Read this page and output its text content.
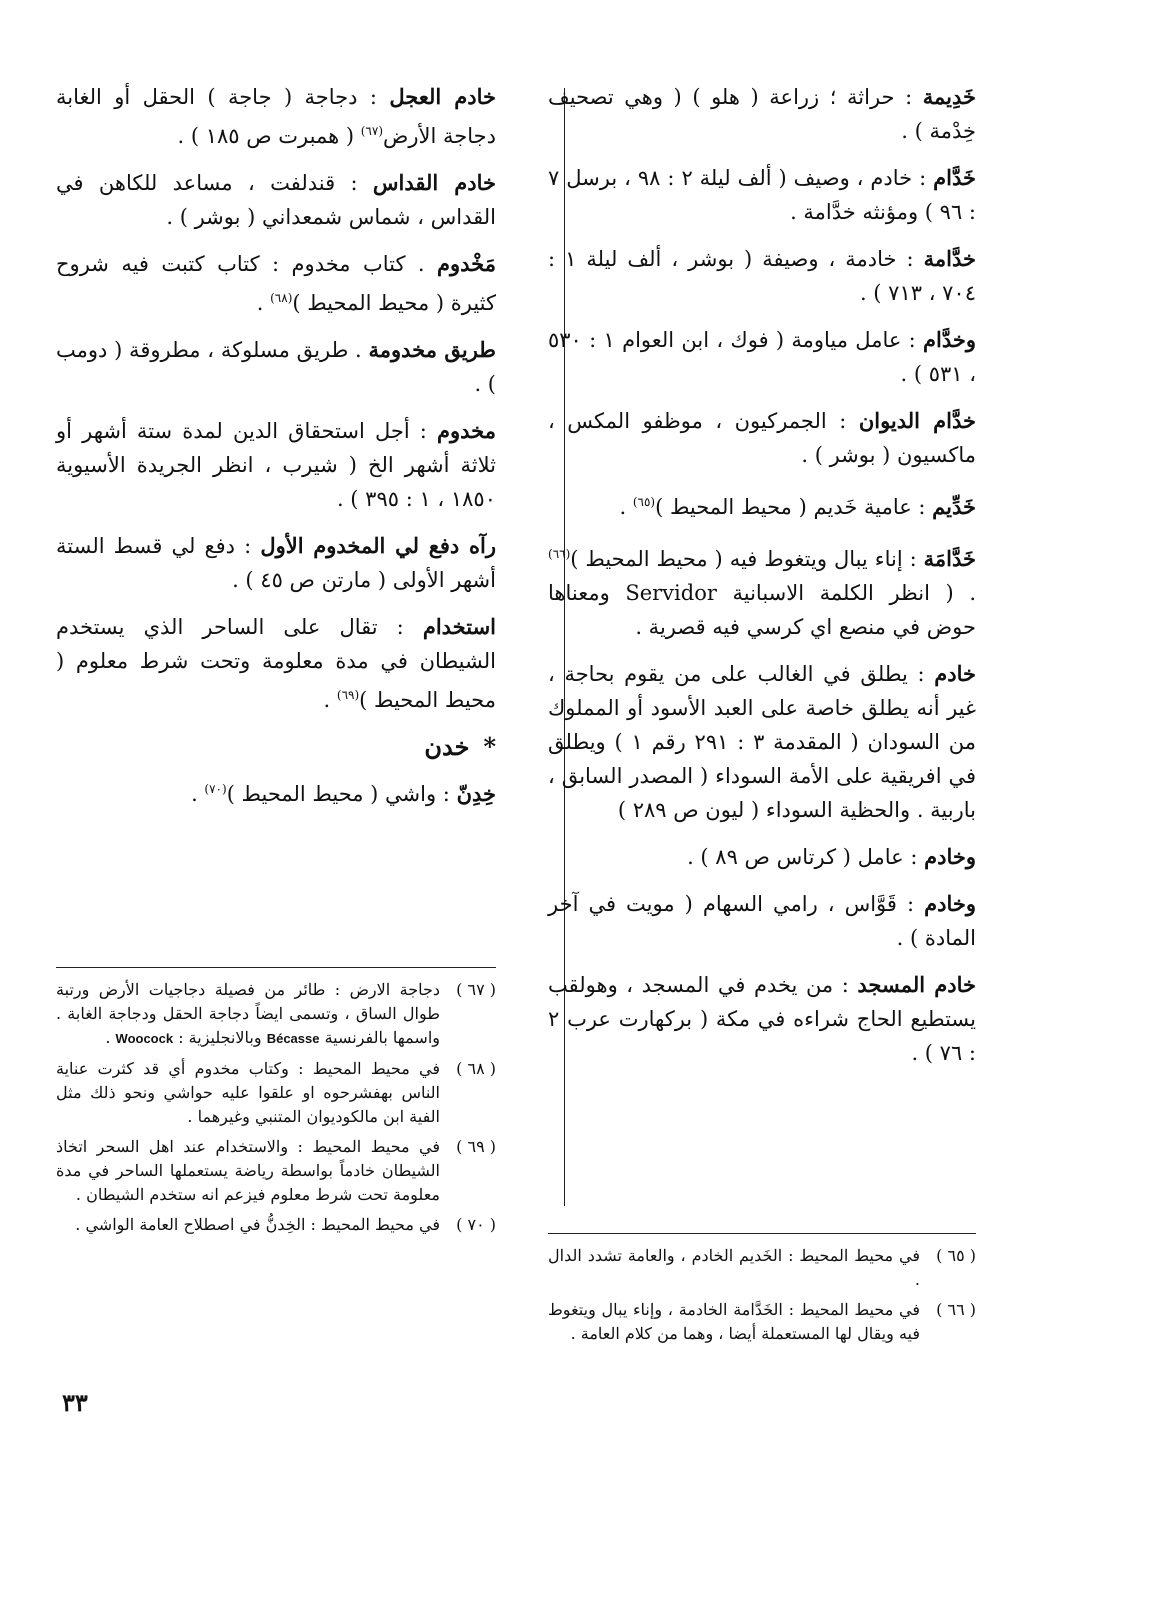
خَدِيمة : حراثة ؛ زراعة ( هلو ) ( وهي تصحيف خِدْمة ) .

خَدَّام : خادم ، وصيف ( ألف ليلة ٢ : ٩٨ ، برسل ٧ : ٩٦ ) ومؤنثه خدَّامة .

خدَّامة : خادمة ، وصيفة ( بوشر ، ألف ليلة ١ : ٧٠٤ ، ٧١٣ ) .

وخدَّام : عامل مياومة ( فوك ، ابن العوام ١ : ٥٣٠ ، ٥٣١ ) .

خدَّام الديوان : الجمركيون ، موظفو المكس ، ماكسيون ( بوشر ) .

خَدِّيم : عامية خَديم ( محيط المحيط )$^{(٦٥)}$ .

خَدَّامَة : إناء يبال ويتغوط فيه ( محيط المحيط )$^{(٦٦)}$ . ( انظر الكلمة الاسبانية Servidor ومعناها حوض في منصع اي كرسي فيه قصرية .

خادم : يطلق في الغالب على من يقوم بحاجة ، غير أنه يطلق خاصة على العبد الأسود أو المملوك من السودان ( المقدمة ٣ : ٢٩١ رقم ١ ) ويطلق في افريقية على الأمة السوداء ( المصدر السابق ، باربية . والحظية السوداء ( ليون ص ٢٨٩ )

وخادم : عامل ( كرتاس ص ٨٩ ) .

وخادم : قَوَّاس ، رامي السهام ( مويت في آخر المادة ) .

خادم المسجد : من يخدم في المسجد ، وهولقب يستطيع الحاج شراءه في مكة ( بركهارت عرب ٢ : ٧٦ ) .

خادم العجل : دجاجة ( جاجة ) الحقل أو الغابة دجاجة الأرض$^{(٦٧)}$ ( همبرت ص ١٨٥ ) .

خادم القداس : قندلفت ، مساعد للكاهن في القداس ، شماس شمعداني ( بوشر ) .

مَخْدوم . كتاب مخدوم : كتاب كتبت فيه شروح كثيرة ( محيط المحيط )$^{(٦٨)}$ .

طريق مخدومة . طريق مسلوكة ، مطروقة ( دومب ) .

مخدوم : أجل استحقاق الدين لمدة ستة أشهر أو ثلاثة أشهر الخ ( شيرب ، انظر الجريدة الأسيوية ١٨٥٠ ، ١ : ٣٩٥ ) .

رآه دفع لي المخدوم الأول : دفع لي قسط الستة أشهر الأولى ( مارتن ص ٤٥ ) .

استخدام : تقال على الساحر الذي يستخدم الشيطان في مدة معلومة وتحت شرط معلوم ( محيط المحيط )$^{(٦٩)}$ .

*خدن

خِدِنّ : واشي ( محيط المحيط )$^{(٧٠)}$ .

( ٦٥ )
في محيط المحيط : الخَديم الخادم ، والعامة تشدد الدال .

( ٦٦ )
في محيط المحيط : الخَدَّامة الخادمة ، وإناء يبال ويتغوط فيه ويقال لها المستعملة أيضا ، وهما من كلام العامة .

( ٦٧ )
دجاجة الارض : طائر من فصيلة دجاجيات الأرض ورتبة طوال الساق ، وتسمى ايضاً دجاجة الحقل ودجاجة الغابة . واسمها بالفرنسية Bécasse وبالانجليزية : Woocock .

( ٦٨ )
في محيط المحيط : وكتاب مخدوم أي قد كثرت عناية الناس بهفشرحوه او علقوا عليه حواشي ونحو ذلك مثل الفية ابن مالكوديوان المتنبي وغيرهما .

( ٦٩ )
في محيط المحيط : والاستخدام عند اهل السحر اتخاذ الشيطان خادماً بواسطة رياضة يستعملها الساحر في مدة معلومة تحت شرط معلوم فيزعم انه ستخدم الشيطان .

( ٧٠ )
في محيط المحيط : الخِدنُّ في اصطلاح العامة الواشي .

٣٣
